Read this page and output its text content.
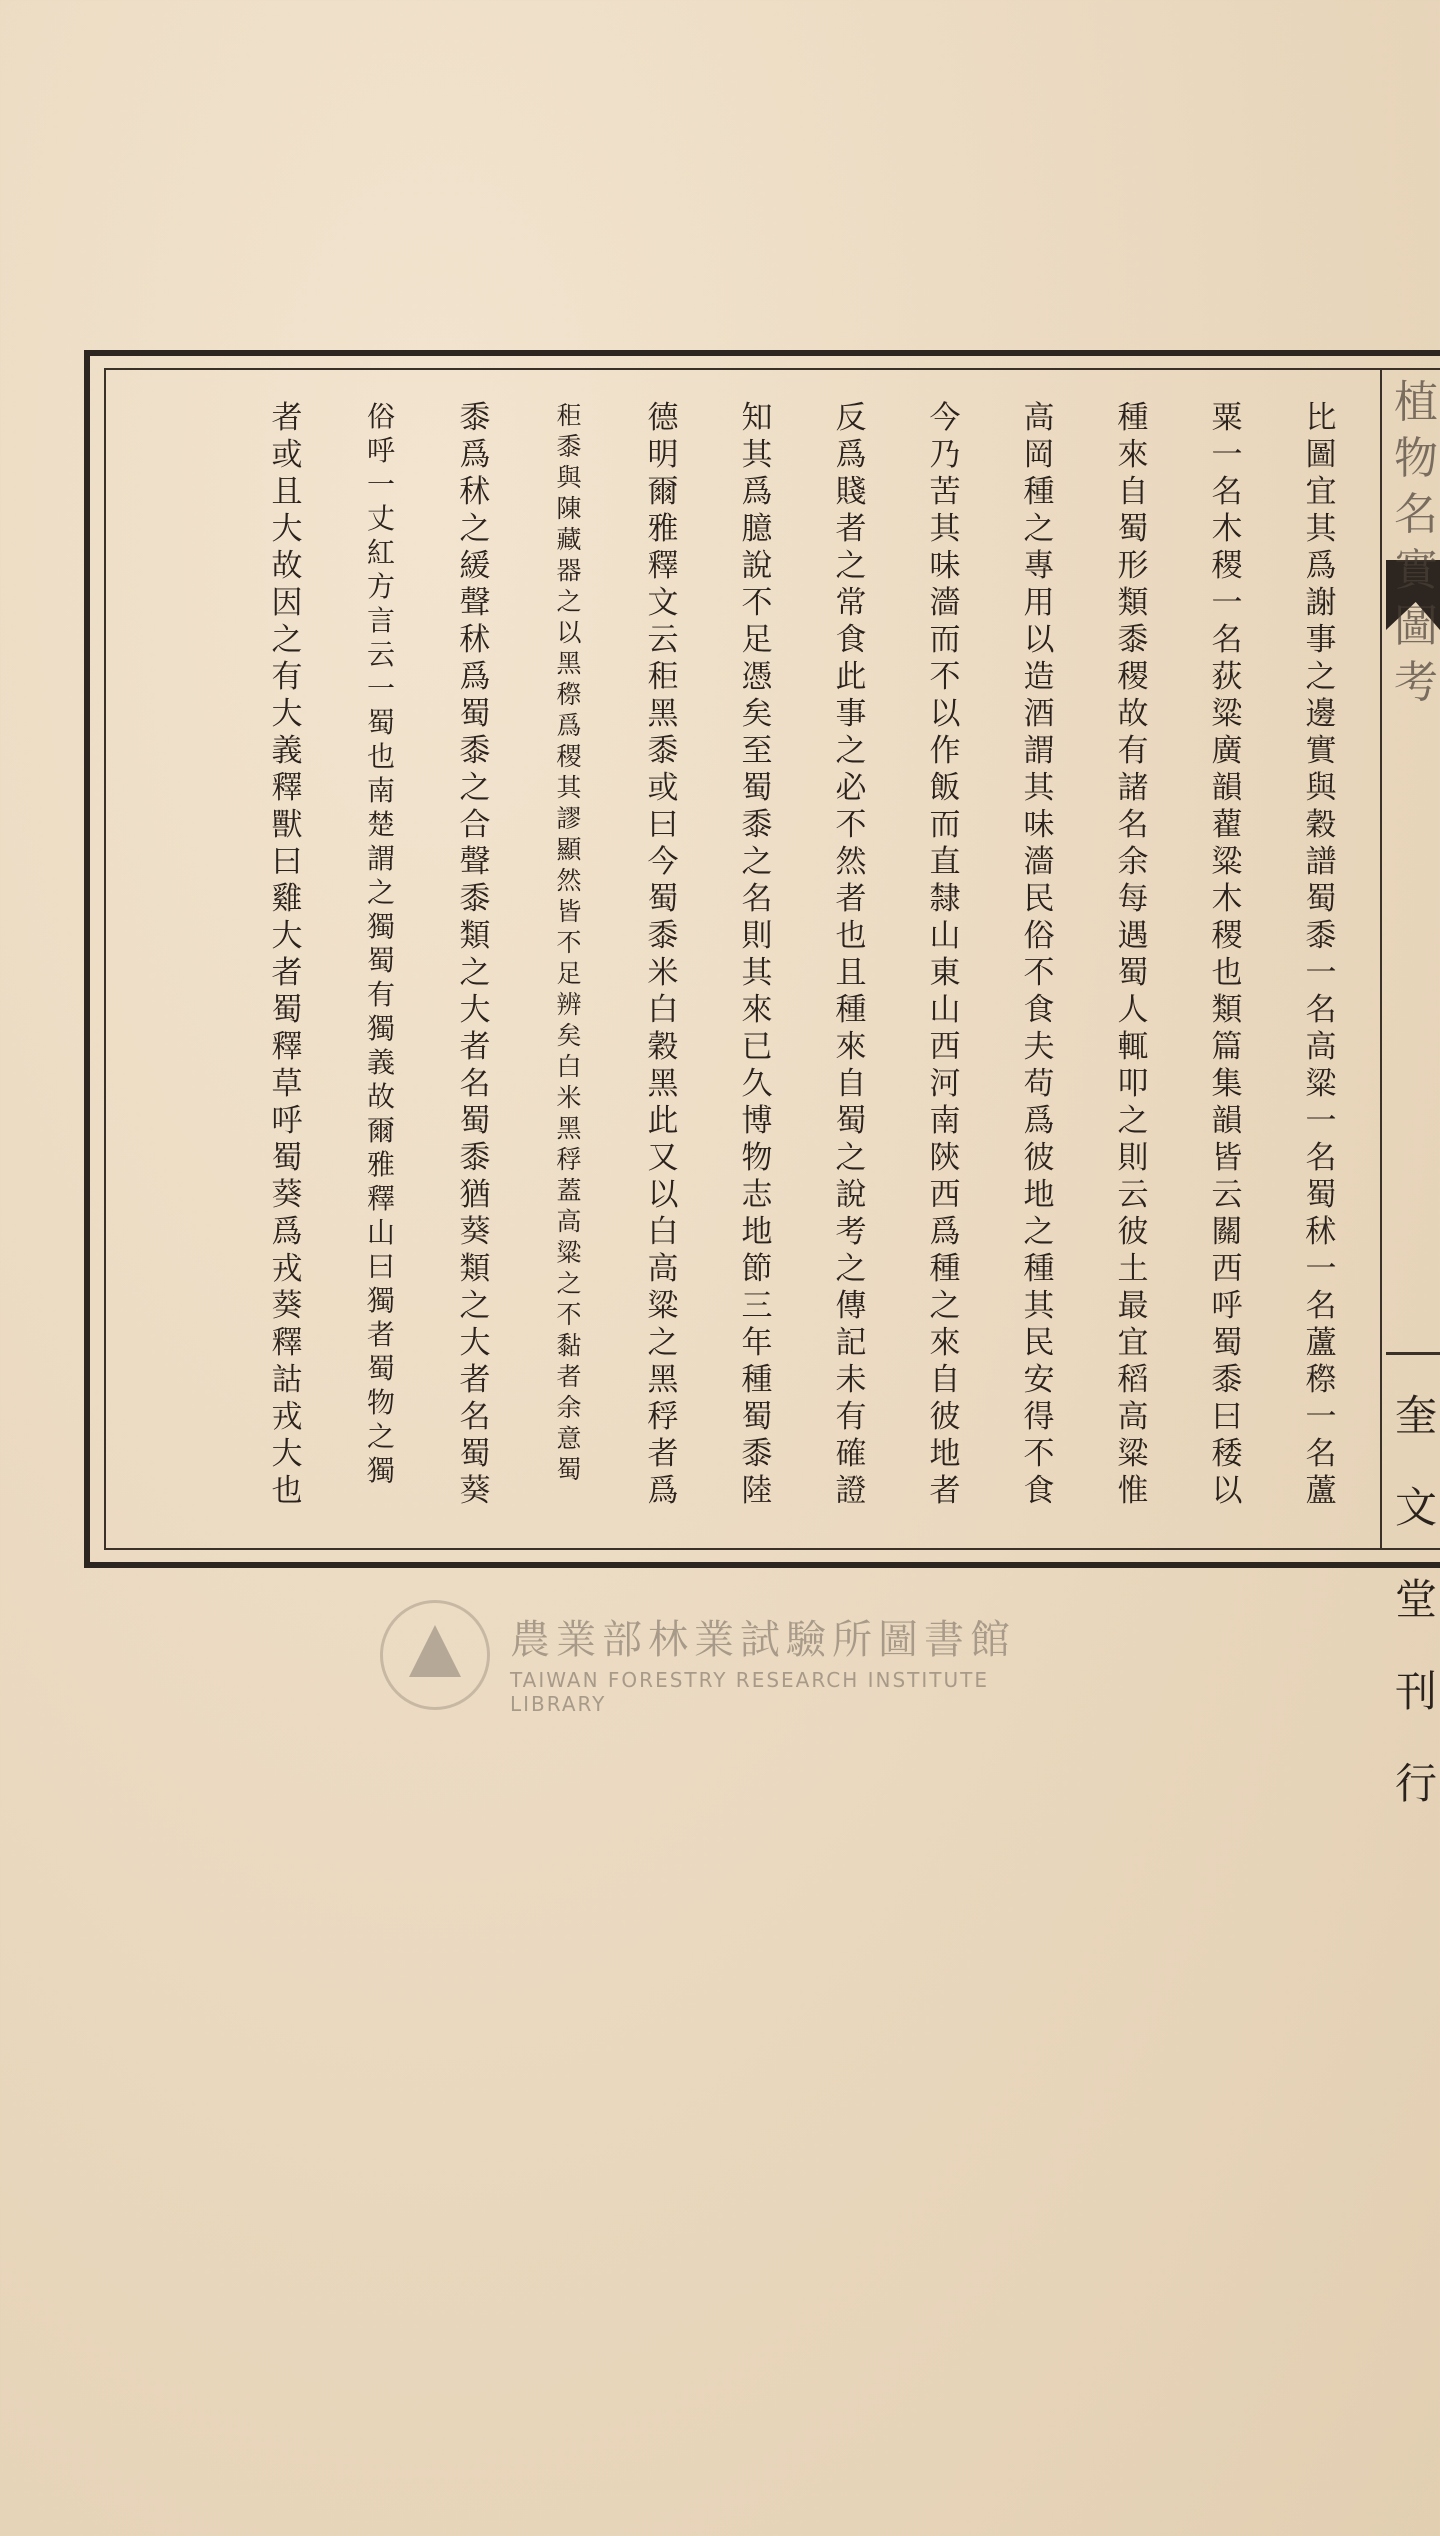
植
物
名
實
圖
考
奎
文
堂
刊
行
比
圖
宜
其
爲
謝
事
之
邊
實
與
穀
譜
蜀
黍
一
名
高
粱
一
名
蜀
秫
一
名
蘆
穄
一
名
蘆
粟
一
名
木
稷
一
名
荻
粱
廣
韻
藋
粱
木
稷
也
類
篇
集
韻
皆
云
關
西
呼
蜀
黍
曰
䅗
以
種
來
自
蜀
形
類
黍
稷
故
有
諸
名
余
每
遇
蜀
人
輒
叩
之
則
云
彼
土
最
宜
稻
高
粱
惟
高
岡
種
之
專
用
以
造
酒
謂
其
味
濇
民
俗
不
食
夫
苟
爲
彼
地
之
種
其
民
安
得
不
食
今
乃
苦
其
味
濇
而
不
以
作
飯
而
直
隸
山
東
山
西
河
南
陝
西
爲
種
之
來
自
彼
地
者
反
爲
賤
者
之
常
食
此
事
之
必
不
然
者
也
且
種
來
自
蜀
之
說
考
之
傳
記
未
有
確
證
知
其
爲
臆
說
不
足
憑
矣
至
蜀
黍
之
名
則
其
來
已
久
博
物
志
地
節
三
年
種
蜀
黍
陸
德
明
爾
雅
釋
文
云
秬
黑
黍
或
曰
今
蜀
黍
米
白
穀
黑
此
又
以
白
高
粱
之
黑
稃
者
爲
秬
黍
與
陳
藏
器
之
以
黑
穄
爲
稷
其
謬
顯
然
皆
不
足
辨
矣
白
米
黑
稃
蓋
高
粱
之
不
黏
者
余
意
蜀
黍
爲
秫
之
緩
聲
秫
爲
蜀
黍
之
合
聲
黍
類
之
大
者
名
蜀
黍
猶
葵
類
之
大
者
名
蜀
葵
俗
呼
一
丈
紅
方
言
云
一
蜀
也
南
楚
謂
之
獨
蜀
有
獨
義
故
爾
雅
釋
山
曰
獨
者
蜀
物
之
獨
者
或
且
大
故
因
之
有
大
義
釋
獸
曰
雞
大
者
蜀
釋
草
呼
蜀
葵
爲
戎
葵
釋
詁
戎
大
也
農業部林業試驗所圖書館
TAIWAN FORESTRY RESEARCH INSTITUTE LIBRARY
